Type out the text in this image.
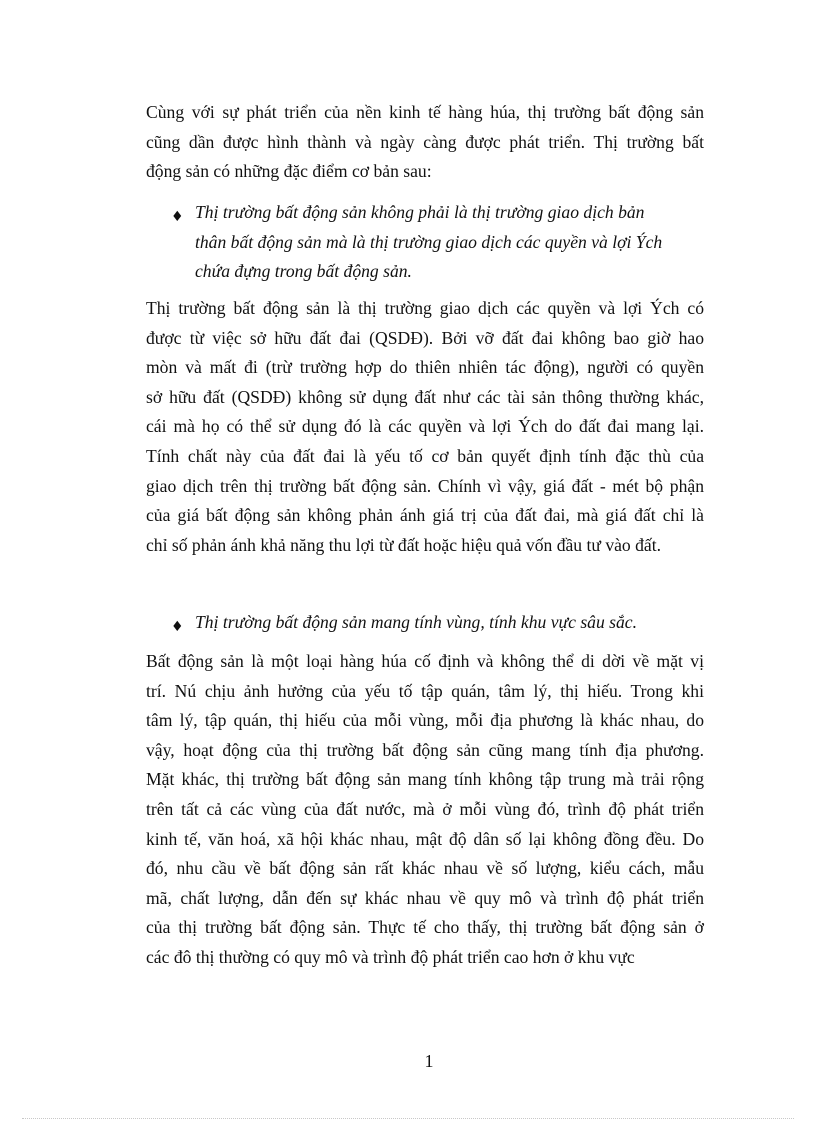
Cùng với sự phát triển của nền kinh tế hàng húa, thị trường bất động sản
cũng dần được hình thành và ngày càng được phát triển. Thị trường bất
động sản có những đặc điểm cơ bản sau:
♦ Thị trường bất động sản không phải là thị trường giao dịch bản
thân bất động sản mà là thị trường giao dịch các quyền và lợi Ých
chứa đựng trong bất động sản.
Thị trường bất động sản là thị trường giao dịch các quyền và lợi Ých có
được từ việc sở hữu đất đai (QSDĐ). Bởi vỡ đất đai không bao giờ hao
mòn và mất đi (trừ trường hợp do thiên nhiên tác động), người có quyền
sở hữu đất (QSDĐ) không sử dụng đất như các tài sản thông thường khác,
cái mà họ có thể sử dụng đó là các quyền và lợi Ých do đất đai mang lại.
Tính chất này của đất đai là yếu tố cơ bản quyết định tính đặc thù của
giao dịch trên thị trường bất động sản. Chính vì vậy, giá đất - mét bộ phận
của giá bất động sản không phản ánh giá trị của đất đai, mà giá đất chỉ là
chỉ số phản ánh khả năng thu lợi từ đất hoặc hiệu quả vốn đầu tư vào đất.
♦ Thị trường bất động sản mang tính vùng, tính khu vực sâu sắc.
Bất động sản là một loại hàng húa cố định và không thể di dời về mặt vị
trí. Nú chịu ảnh hưởng của yếu tố tập quán, tâm lý, thị hiếu. Trong khi
tâm lý, tập quán, thị hiếu của mỗi vùng, mỗi địa phương là khác nhau, do
vậy, hoạt động của thị trường bất động sản cũng mang tính địa phương.
Mặt khác, thị trường bất động sản mang tính không tập trung mà trải rộng
trên tất cả các vùng của đất nước, mà ở mỗi vùng đó, trình độ phát triển
kinh tế, văn hoá, xã hội khác nhau, mật độ dân số lại không đồng đều. Do
đó, nhu cầu về bất động sản rất khác nhau về số lượng, kiểu cách, mẫu
mã, chất lượng, dẫn đến sự khác nhau về quy mô và trình độ phát triển
của thị trường bất động sản. Thực tế cho thấy, thị trường bất động sản ở
các đô thị thường có quy mô và trình độ phát triển cao hơn ở khu vực
1
